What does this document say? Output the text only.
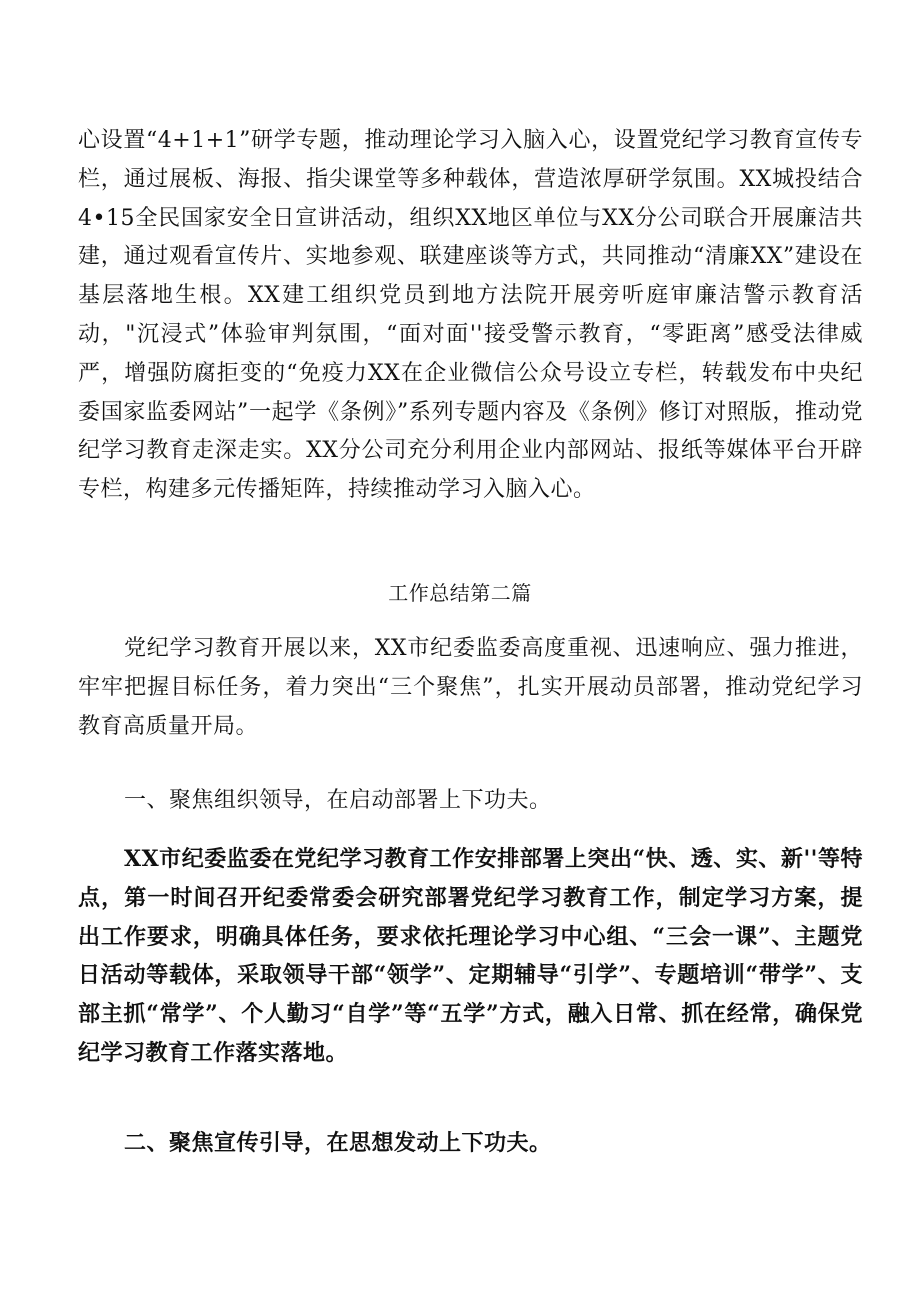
心设置“4+1+1”研学专题，推动理论学习入脑入心，设置党纪学习教育宣传专栏，通过展板、海报、指尖课堂等多种载体，营造浓厚研学氛围。XX城投结合4•15全民国家安全日宣讲活动，组织XX地区单位与XX分公司联合开展廉洁共建，通过观看宣传片、实地参观、联建座谈等方式，共同推动“清廉XX”建设在基层落地生根。XX建工组织党员到地方法院开展旁听庭审廉洁警示教育活动，"沉浸式”体验审判氛围，“面对面''接受警示教育，“零距离”感受法律威严，增强防腐拒变的“免疫力XX在企业微信公众号设立专栏，转载发布中央纪委国家监委网站”一起学《条例》”系列专题内容及《条例》修订对照版，推动党纪学习教育走深走实。XX分公司充分利用企业内部网站、报纸等媒体平台开辟专栏，构建多元传播矩阵，持续推动学习入脑入心。

工作总结第二篇

党纪学习教育开展以来，XX市纪委监委高度重视、迅速响应、强力推进，牢牢把握目标任务，着力突出“三个聚焦”，扎实开展动员部署，推动党纪学习教育高质量开局。

一、聚焦组织领导，在启动部署上下功夫。

XX市纪委监委在党纪学习教育工作安排部署上突出“快、透、实、新''等特点，第一时间召开纪委常委会研究部署党纪学习教育工作，制定学习方案，提出工作要求，明确具体任务，要求依托理论学习中心组、“三会一课”、主题党日活动等载体，采取领导干部“领学”、定期辅导“引学”、专题培训“带学”、支部主抓“常学”、个人勤习“自学”等“五学”方式，融入日常、抓在经常，确保党纪学习教育工作落实落地。

二、聚焦宣传引导，在思想发动上下功夫。
